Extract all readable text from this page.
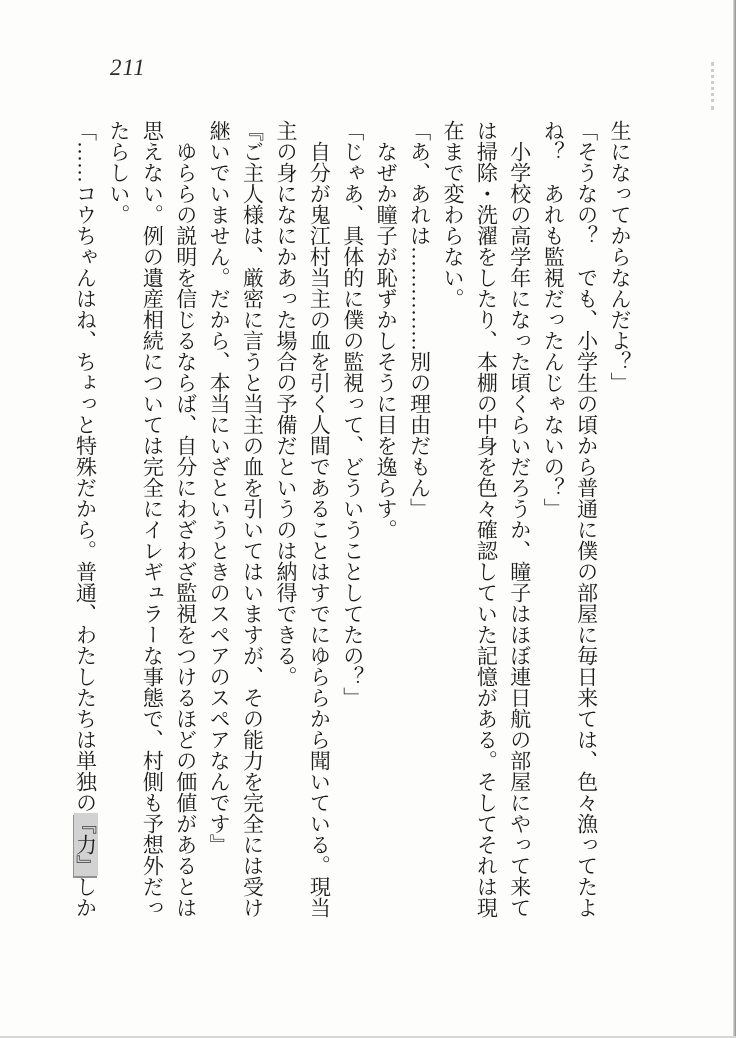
211

生になってからなんだよ？」

「そうなの？　でも、小学生の頃から普通に僕の部屋に毎日来ては、色々漁ってたよね？　あれも監視だったんじゃないの？」

　小学校の高学年になった頃くらいだろうか、瞳子はほぼ連日航の部屋にやって来ては掃除・洗濯をしたり、本棚の中身を色々確認していた記憶がある。そしてそれは現在まで変わらない。

「あ、あれは……………別の理由だもん」

　なぜか瞳子が恥ずかしそうに目を逸らす。

「じゃあ、具体的に僕の監視って、どういうことしてたの？」

　自分が鬼江村当主の血を引く人間であることはすでにゆららから聞いている。現当主の身になにかあった場合の予備だというのは納得できる。

『ご主人様は、厳密に言うと当主の血を引いてはいますが、その能力を完全には受け継いでいません。だから、本当にいざというときのスペアのスペアなんです』

　ゆららの説明を信じるならば、自分にわざわざ監視をつけるほどの価値があるとは思えない。例の遺産相続については完全にイレギュラーな事態で、村側も予想外だったらしい。

「……コウちゃんはね、ちょっと特殊だから。普通、わたしたちは単独の『力』しか
